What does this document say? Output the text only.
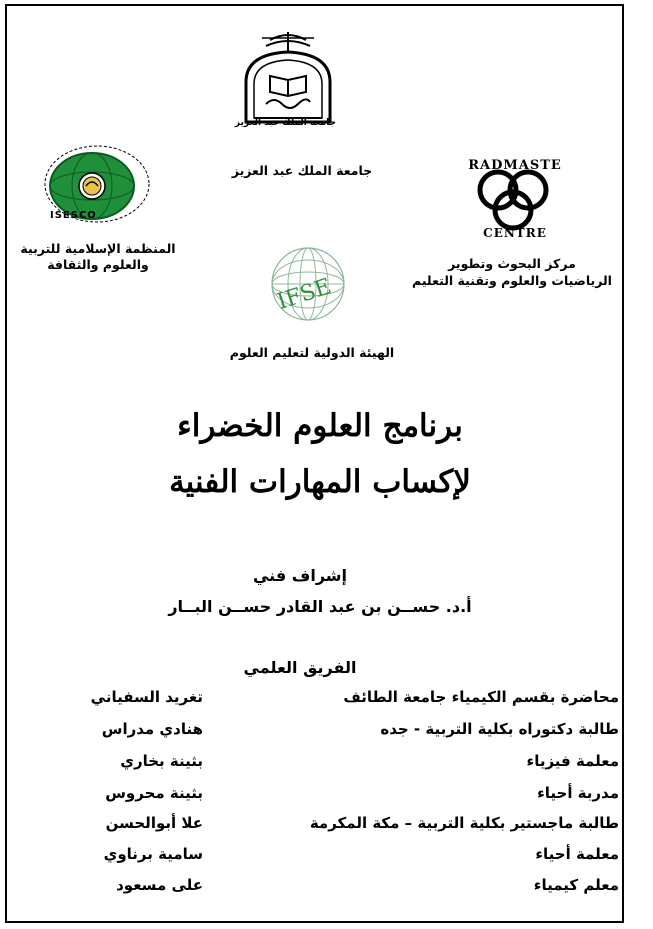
جامعة الملك عبد العزيز
جامعة الملك عبد العزيز
ISESCO
المنظمة الإسلامية للتربية
والعلوم والثقافة
RADMASTE
CENTRE
مركز البحوث وتطوير
الرياضيات والعلوم وتقنية التعليم
IFSE
الهيئة الدولية لتعليم العلوم
برنامج العلوم الخضراء
لإكساب المهارات الفنية
إشراف فني
أ.د. حســن بن عبد القادر حســن البــار
الفريق العلمي
محاضرة بقسم الكيمياء جامعة الطائف
تغريد السفياني
طالبة دكتوراه بكلية التربية - جده
هنادي مدراس
معلمة فيزياء
بثينة بخاري
مدربة أحياء
بثينة محروس
طالبة ماجستير بكلية التربية – مكة المكرمة
علا أبوالحسن
معلمة أحياء
سامية برناوي
معلم كيمياء
على مسعود
